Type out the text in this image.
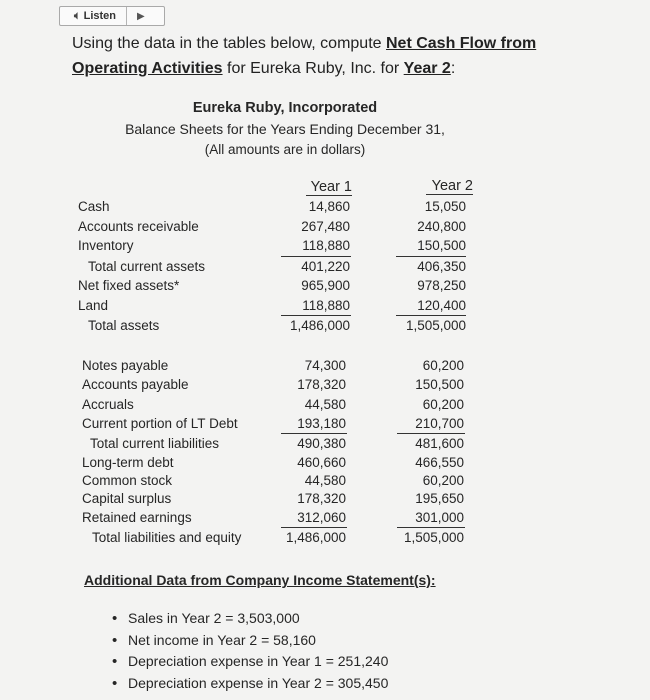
🔈︎ Listen ▶
Using the data in the tables below, compute Net Cash Flow from Operating Activities for Eureka Ruby, Inc. for Year 2:
Eureka Ruby, Incorporated
Balance Sheets for the Years Ending December 31,
(All amounts are in dollars)
Year 1	Year 2
Cash
Accounts receivable
Inventory
Total current assets
Net fixed assets*
Land
Total assets
14,860
267,480
118,880
401,220
965,900
118,880
1,486,000
15,050
240,800
150,500
406,350
978,250
120,400
1,505,000
Notes payable
Accounts payable
Accruals
Current portion of LT Debt
Total current liabilities
Long-term debt
Common stock
Capital surplus
Retained earnings
Total liabilities and equity
74,300
178,320
44,580
193,180
490,380
460,660
44,580
178,320
312,060
1,486,000
60,200
150,500
60,200
210,700
481,600
466,550
60,200
195,650
301,000
1,505,000
Additional Data from Company Income Statement(s):
• Sales in Year 2 = 3,503,000
• Net income in Year 2 = 58,160
• Depreciation expense in Year 1 = 251,240
• Depreciation expense in Year 2 = 305,450
